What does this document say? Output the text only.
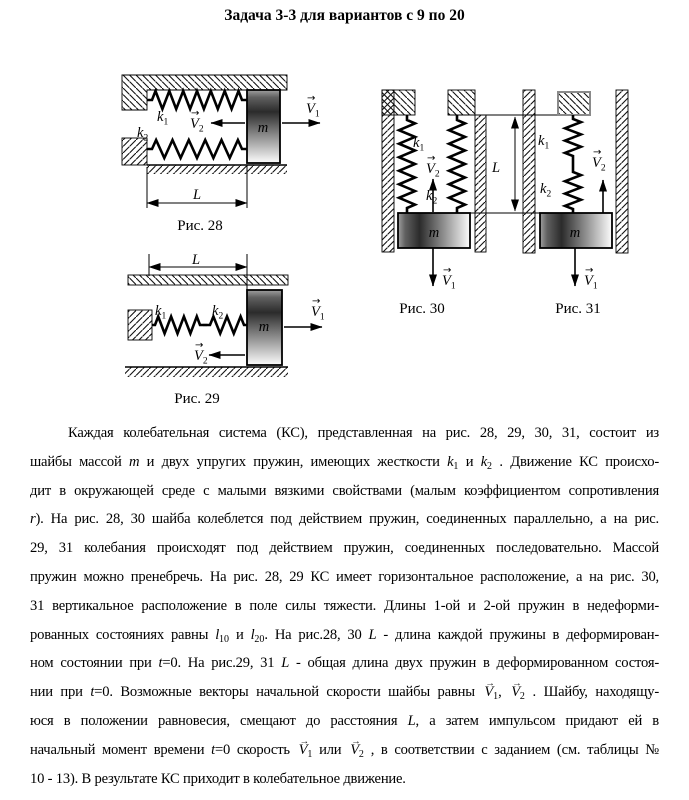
Задача 3-3 для вариантов с 9 по 20
m
$V_1$
→
$V_2$
→
$k_1$
$k_2$
L
Рис. 28
L
$k_1$	$k_2$
m
$V_1$
→
$V_2$
→
Рис. 29
L
$k_1$
$k_2$
$V_2$
→
m
$V_1$
→
$k_1$
$k_2$
$V_2$
→
m
$V_1$
→
Рис. 30	Рис. 31
Каждая колебательная система (КС), представленная на рис. 28, 29, 30, 31, состоит из
шайбы массой m и двух упругих пружин, имеющих жесткости $k_1$ и $k_2$ . Движение КС происхо-
дит в окружающей среде с малыми вязкими свойствами (малым коэффициентом сопротивления
r). На рис. 28, 30 шайба колеблется под действием пружин, соединенных параллельно, а на рис.
29, 31 колебания происходят под действием пружин, соединенных последовательно. Массой
пружин можно пренебречь. На рис. 28, 29 КС имеет горизонтальное расположение, а на рис. 30,
31 вертикальное расположение в поле силы тяжести. Длины 1-ой и 2-ой пружин в недеформи-
рованных состояниях равны $l_{10}$ и $l_{20}$. На рис.28, 30 L - длина каждой пружины в деформирован-
ном состоянии при t=0. На рис.29, 31 L - общая длина двух пружин в деформированном состоя-
нии при t=0. Возможные векторы начальной скорости шайбы равны → $V_1$, → $V_2$ . Шайбу, находящу-
юся в положении равновесия, смещают до расстояния L, а затем импульсом придают ей в
начальный момент времени t=0 скорость → $V_1$ или → $V_2$ , в соответствии с заданием (см. таблицы №
10 - 13). В результате КС приходит в колебательное движение.
